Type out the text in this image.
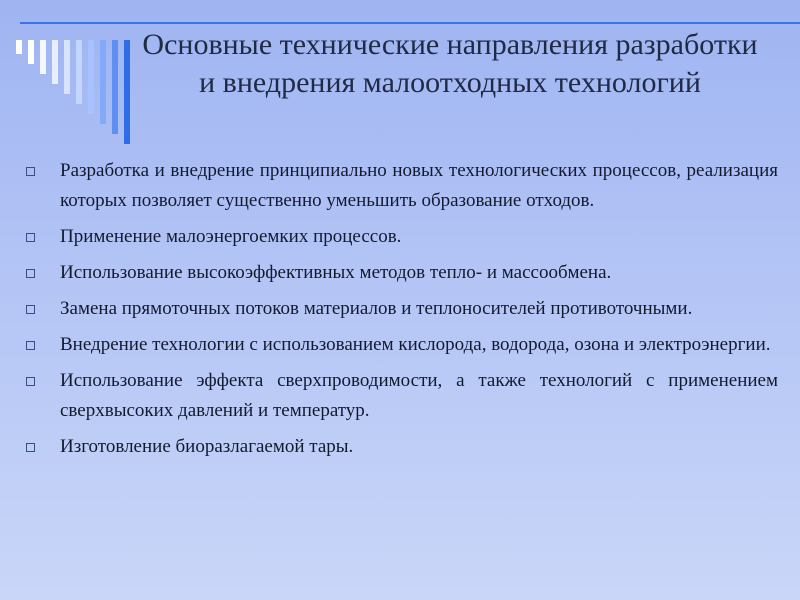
Основные технические направления разработки и внедрения малоотходных технологий
Разработка и внедрение принципиально новых технологических процессов, реализация которых позволяет существенно уменьшить образование отходов.
Применение малоэнергоемких процессов.
Использование высокоэффективных методов тепло- и массообмена.
Замена прямоточных потоков материалов и теплоносителей противоточными.
Внедрение технологии с использованием кислорода, водорода, озона и электроэнергии.
Использование эффекта сверхпроводимости, а также технологий с применением сверхвысоких давлений и температур.
Изготовление биоразлагаемой тары.
